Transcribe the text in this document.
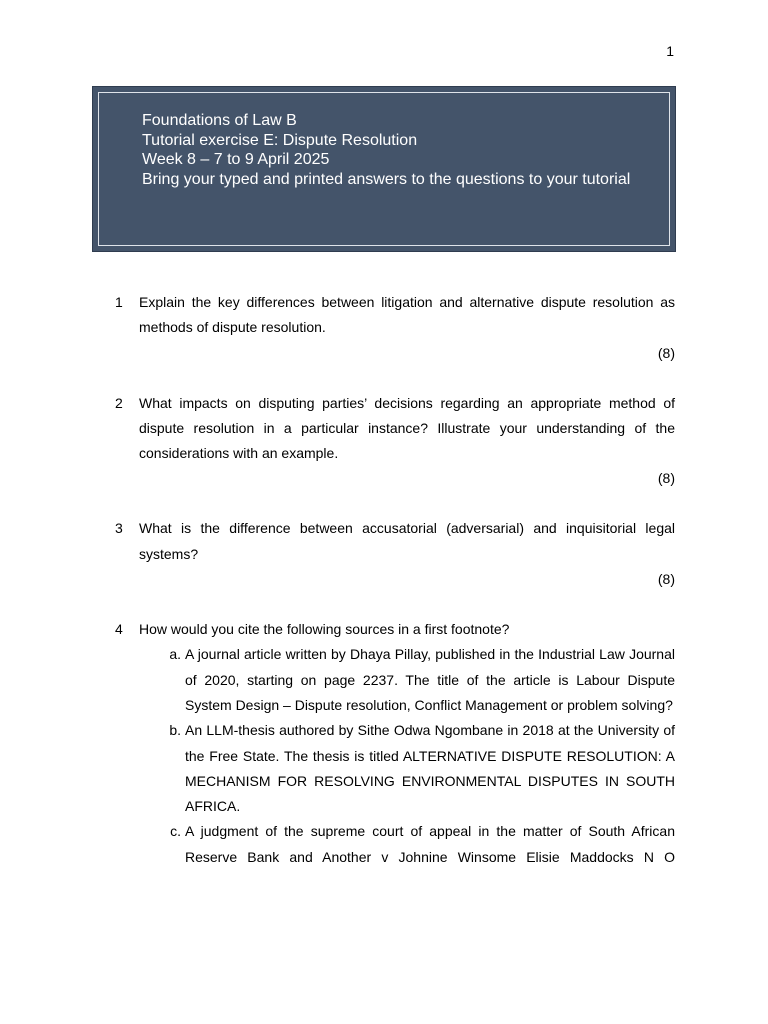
1
Foundations of Law B
Tutorial exercise E: Dispute Resolution
Week 8 – 7 to 9 April 2025
Bring your typed and printed answers to the questions to your tutorial
1	Explain the key differences between litigation and alternative dispute resolution as methods of dispute resolution.
(8)
2	What impacts on disputing parties’ decisions regarding an appropriate method of dispute resolution in a particular instance? Illustrate your understanding of the considerations with an example.
(8)
3	What is the difference between accusatorial (adversarial) and inquisitorial legal systems?
(8)
4	How would you cite the following sources in a first footnote?
a. A journal article written by Dhaya Pillay, published in the Industrial Law Journal of 2020, starting on page 2237. The title of the article is Labour Dispute System Design – Dispute resolution, Conflict Management or problem solving?
b. An LLM-thesis authored by Sithe Odwa Ngombane in 2018 at the University of the Free State. The thesis is titled ALTERNATIVE DISPUTE RESOLUTION: A MECHANISM FOR RESOLVING ENVIRONMENTAL DISPUTES IN SOUTH AFRICA.
c. A judgment of the supreme court of appeal in the matter of South African Reserve Bank and Another v Johnine Winsome Elisie Maddocks N O
